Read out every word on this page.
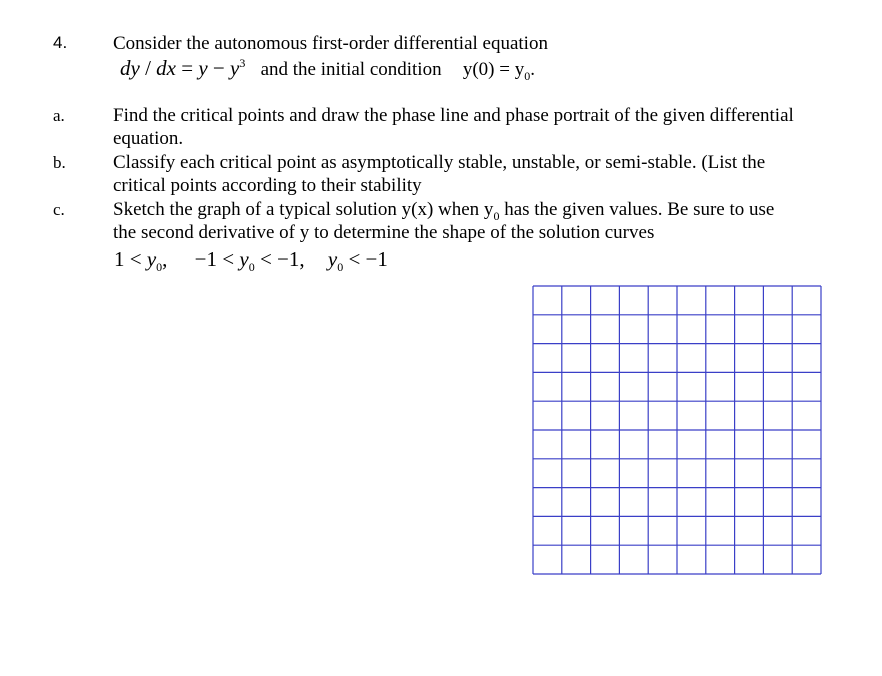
4. Consider the autonomous first-order differential equation
dy / dx = $y - y^3$ and the initial condition $y(0) = y_0$.
a.	Find the critical points and draw the phase line and phase portrait of the given differential
equation.
b. Classify each critical point as asymptotically stable, unstable, or semi-stable. (List the
critical points according to their stability
c.	Sketch the graph of a typical solution y(x) when $y_0$ has the given values. Be sure to use
the second derivative of y to determine the shape of the solution curves
$1 < y_0$, $-1 < y_0 < -1$, $y_0 < -1$
